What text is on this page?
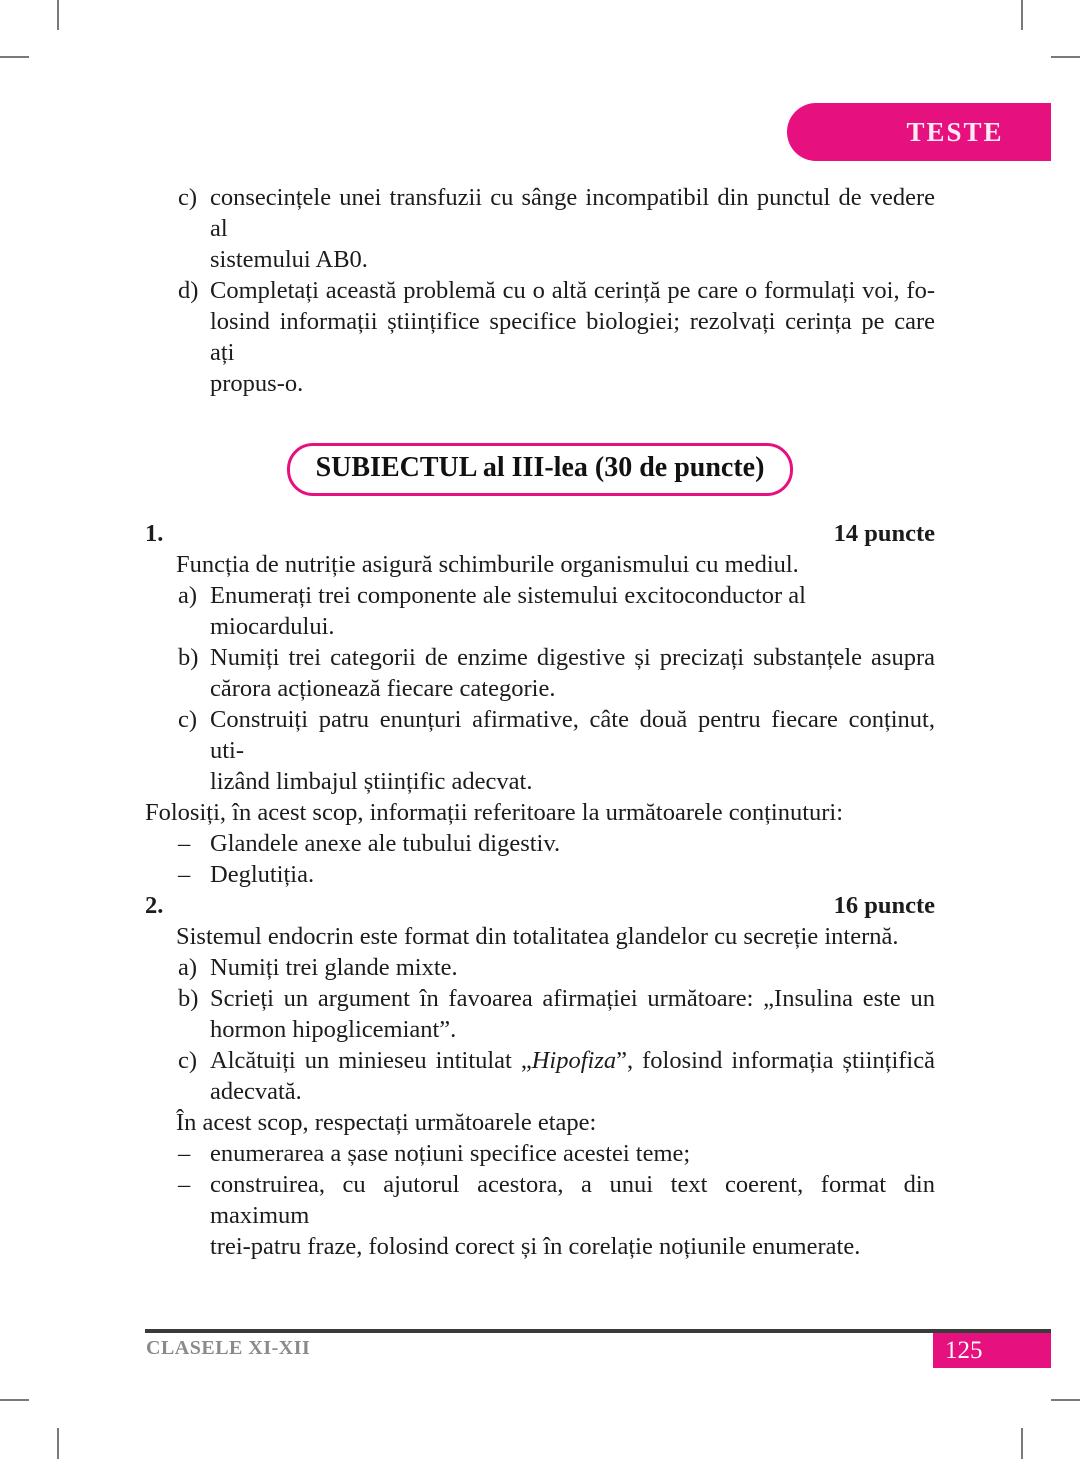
TESTE
c) consecințele unei transfuzii cu sânge incompatibil din punctul de vedere al
sistemului AB0.
d) Completați această problemă cu o altă cerință pe care o formulați voi, fo-
losind informații științifice specifice biologiei; rezolvați cerința pe care ați
propus-o.
SUBIECTUL al III-lea (30 de puncte)
1.	14 puncte
Funcția de nutriție asigură schimburile organismului cu mediul.
a) Enumerați trei componente ale sistemului excitoconductor al miocardului.
b) Numiți trei categorii de enzime digestive și precizați substanțele asupra
cărora acționează fiecare categorie.
c) Construiți patru enunțuri afirmative, câte două pentru fiecare conținut, uti-
lizând limbajul științific adecvat.
Folosiți, în acest scop, informații referitoare la următoarele conținuturi:
– Glandele anexe ale tubului digestiv.
– Deglutiția.
2.	16 puncte
Sistemul endocrin este format din totalitatea glandelor cu secreție internă.
a) Numiți trei glande mixte.
b) Scrieți un argument în favoarea afirmației următoare: „Insulina este un
hormon hipoglicemiant”.
c) Alcătuiți un minieseu intitulat „Hipofiza”, folosind informația științifică
adecvată.
În acest scop, respectați următoarele etape:
– enumerarea a șase noțiuni specifice acestei teme;
– construirea, cu ajutorul acestora, a unui text coerent, format din maximum
trei-patru fraze, folosind corect și în corelație noțiunile enumerate.
CLASELE XI-XII	125
